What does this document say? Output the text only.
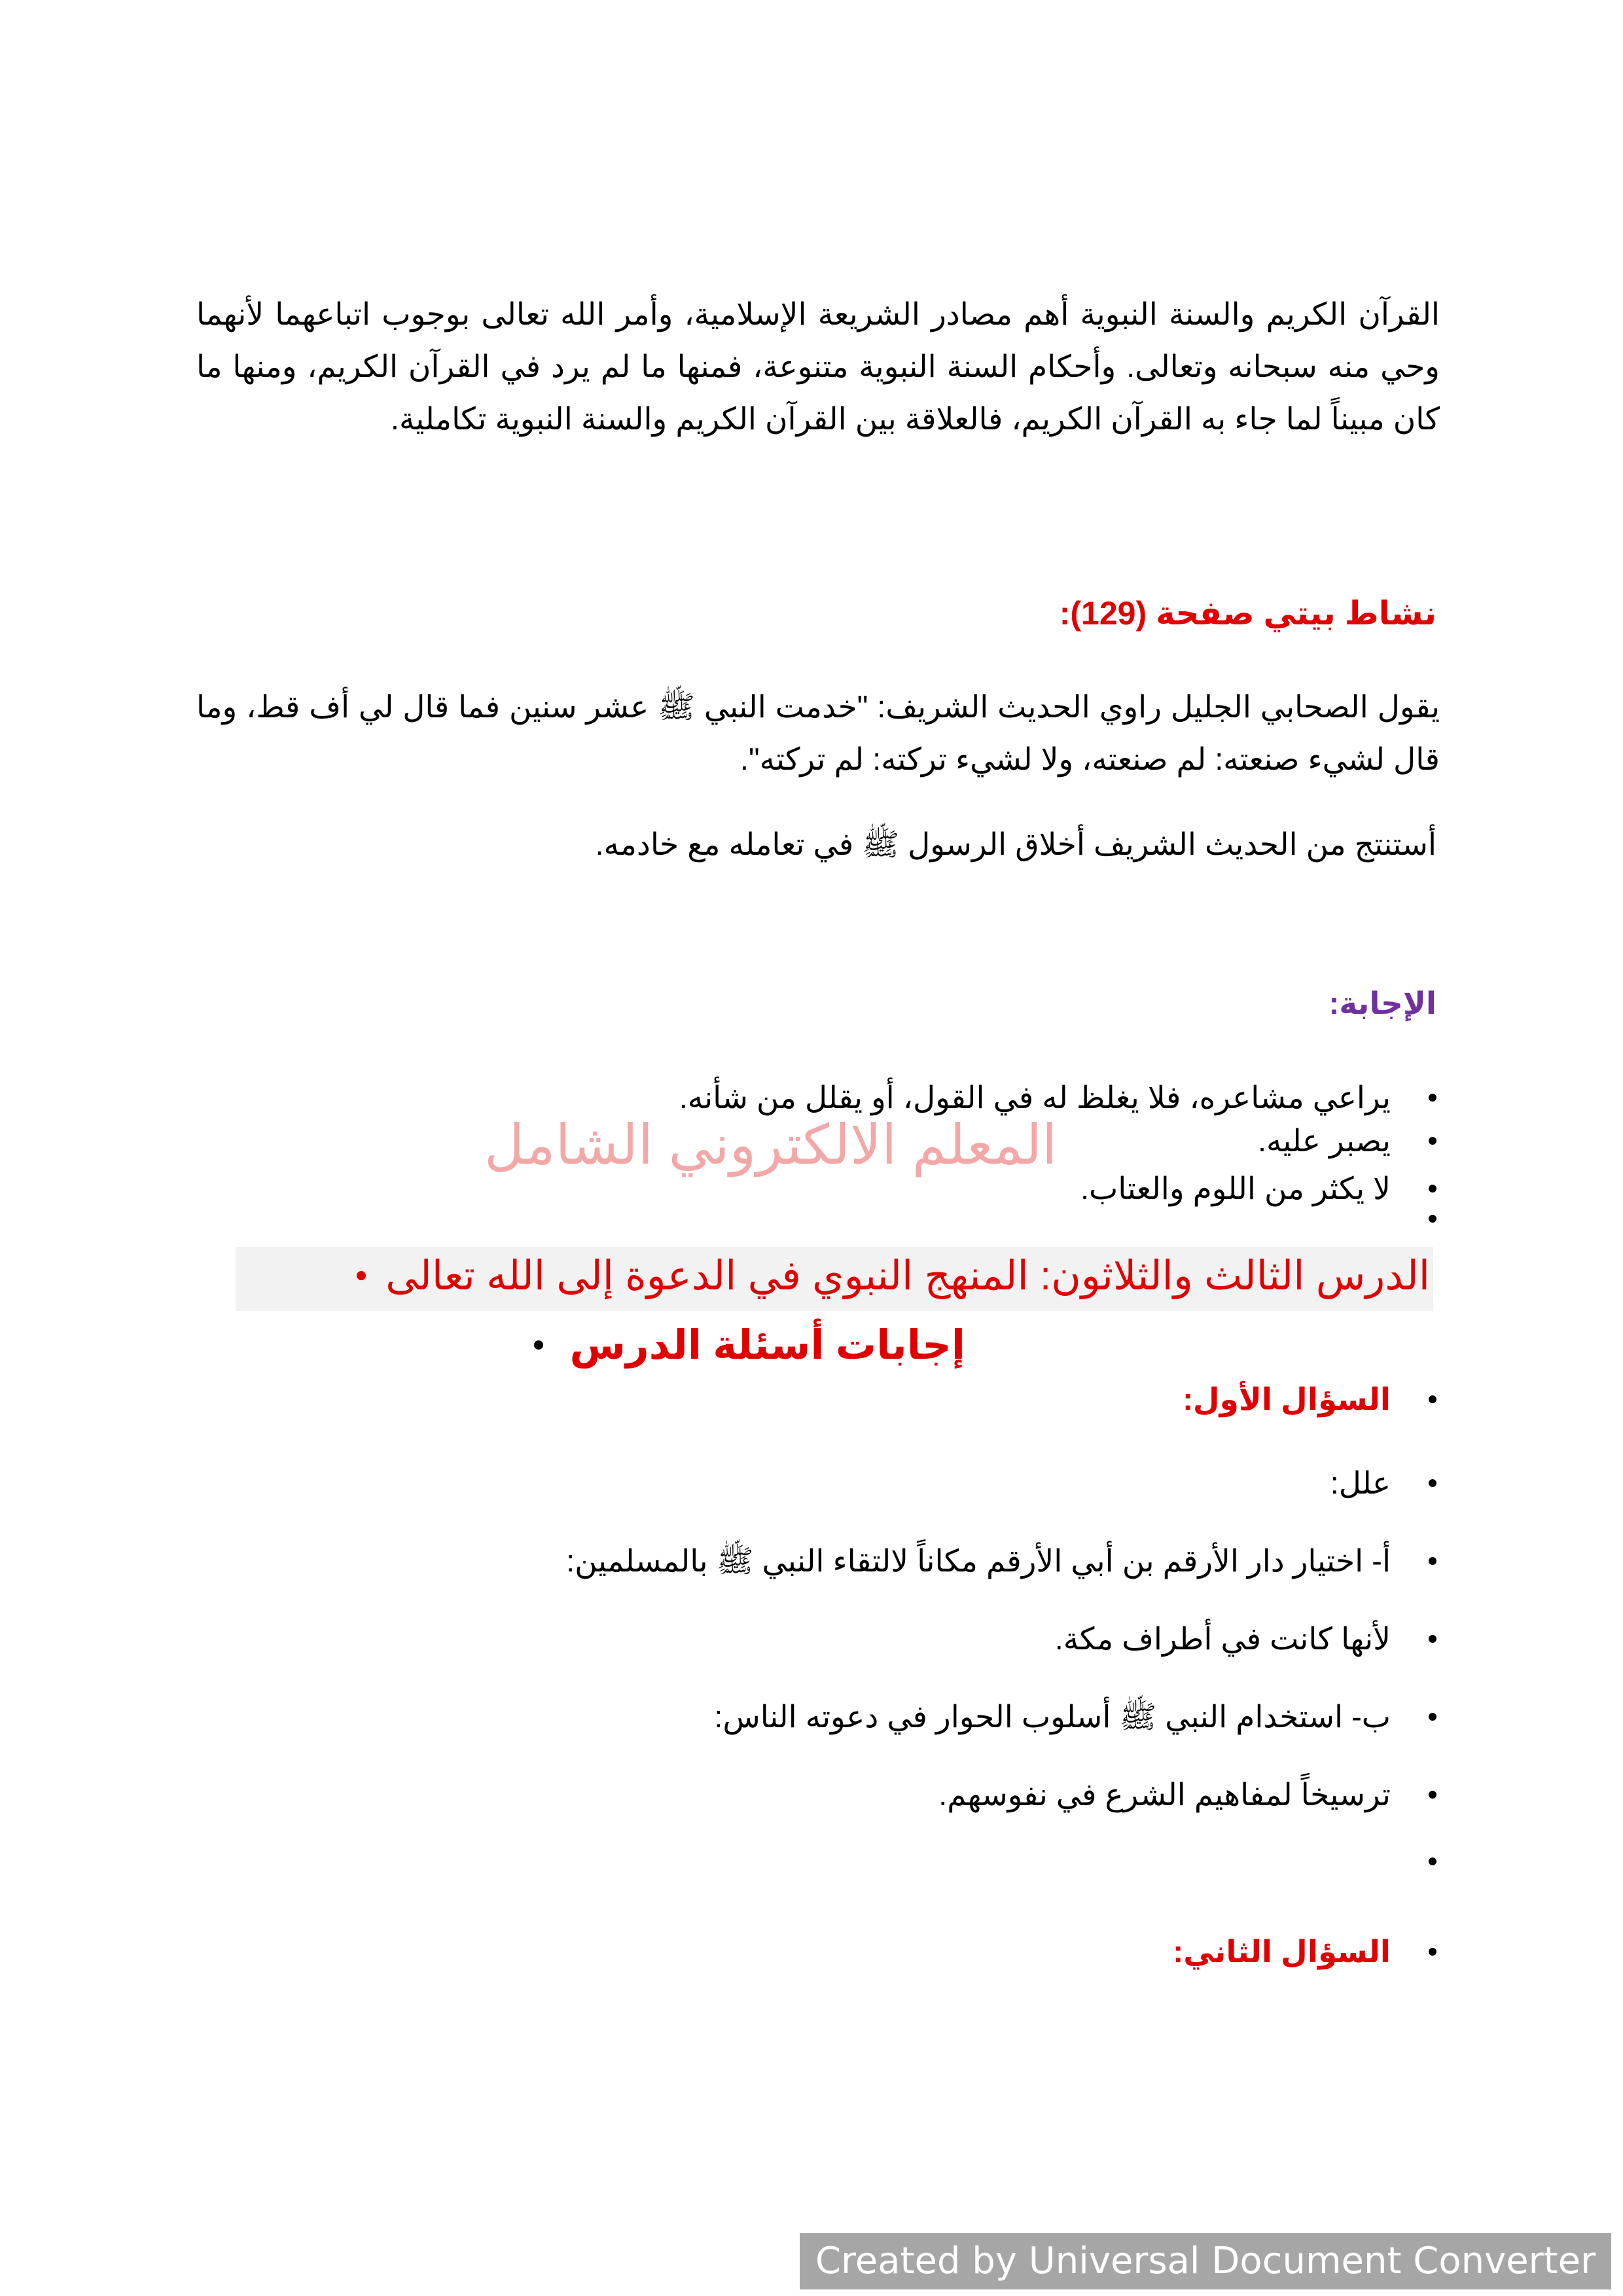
القرآن الكريم والسنة النبوية أهم مصادر الشريعة الإسلامية، وأمر الله تعالى بوجوب اتباعهما لأنهما وحي منه سبحانه وتعالى. وأحكام السنة النبوية متنوعة، فمنها ما لم يرد في القرآن الكريم، ومنها ما كان مبيناً لما جاء به القرآن الكريم، فالعلاقة بين القرآن الكريم والسنة النبوية تكاملية.

نشاط بيتي صفحة (129):

يقول الصحابي الجليل راوي الحديث الشريف: "خدمت النبي ﷺ عشر سنين فما قال لي أف قط، وما قال لشيء صنعته: لم صنعته، ولا لشيء تركته: لم تركته".

أستنتج من الحديث الشريف أخلاق الرسول ﷺ في تعامله مع خادمه.
الإجابة:
يراعي مشاعره، فلا يغلظ له في القول، أو يقلل من شأنه.
يصبر عليه.
لا يكثر من اللوم والعتاب.
المعلم الالكتروني الشامل
الدرس الثالث والثلاثون: المنهج النبوي في الدعوة إلى الله تعالى
إجابات أسئلة الدرس
السؤال الأول:
علل:
أ- اختيار دار الأرقم بن أبي الأرقم مكاناً لالتقاء النبي ﷺ بالمسلمين:
لأنها كانت في أطراف مكة.
ب- استخدام النبي ﷺ أسلوب الحوار في دعوته الناس:
ترسيخاً لمفاهيم الشرع في نفوسهم.
السؤال الثاني:
Created by Universal Document Converter
